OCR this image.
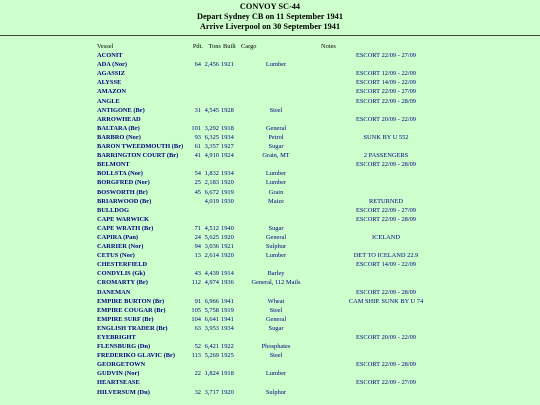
CONVOY SC-44
Depart Sydney CB on 11 September 1941
Arrive Liverpool on 30 September 1941
Vessel	Pdt.	Tons	Built	Cargo	Notes
ACONIT					ESCORT 22/09 - 27/09
ADA (Nor)	64	2,456	1921	Lumber	
AGASSIZ					ESCORT 12/09 - 22/09
ALYSSE					ESCORT 14/09 - 22/09
AMAZON					ESCORT 22/09 - 27/09
ANGLE					ESCORT 22/09 - 28/09
ANTIGONE (Br)	31	4,545	1928	Steel	
ARROWHEAD					ESCORT 20/09 - 22/09
BALTARA (Br)	101	3,292	1918	General	
BARBRO (Nor)	93	6,325	1934	Petrol	SUNK BY U 552
BARON TWEEDMOUTH (Br)	61	3,357	1927	Sugar	
BARRINGTON COURT (Br)	41	4,910	1924	Grain, MT	2 PASSENGERS
BELMONT					ESCORT 22/09 - 28/09
BOLLSTA (Nor)	54	1,832	1934	Lumber	
BORGFRED (Nor)	25	2,183	1920	Lumber	
BOSWORTH (Br)	45	6,672	1919	Grain	
BRIARWOOD (Br)		4,019	1930	Maize	RETURNED
BULLDOG					ESCORT 22/09 - 27/09
CAPE WARWICK					ESCORT 22/09 - 28/09
CAPE WRATH (Br)	71	4,512	1940	Sugar	
CAPIRA (Pan)	24	5,625	1920	General	ICELAND
CARRIER (Nor)	94	3,036	1921	Sulphur	
CETUS (Nor)	13	2,614	1920	Lumber	DET TO ICELAND 22.9
CHESTERFIELD					ESCORT 14/09 - 22/09
CONDYLIS (Gk)	43	4,439	1914	Barley	
CROMARTY (Br)	112	4,974	1936	General, 112 Mails	
DANEMAN					ESCORT 22/09 - 28/09
EMPIRE BURTON (Br)	91	6,966	1941	Wheat	CAM SHIP. SUNK BY U 74
EMPIRE COUGAR (Br)	105	5,758	1919	Steel	
EMPIRE SURF (Br)	104	6,641	1941	General	
ENGLISH TRADER (Br)	63	3,953	1934	Sugar	
EYEBRIGHT					ESCORT 20/09 - 22/09
FLENSBURG (Dn)	52	6,421	1922	Phosphates	
FREDERIKO GLAVIC (Br)	113	5,269	1925	Steel	
GEORGETOWN					ESCORT 22/09 - 28/09
GUDVIN (Nor)	22	1,824	1918	Lumber	
HEARTSEASE					ESCORT 22/09 - 27/09
HILVERSUM (Du)	32	3,717	1920	Sulphur	
